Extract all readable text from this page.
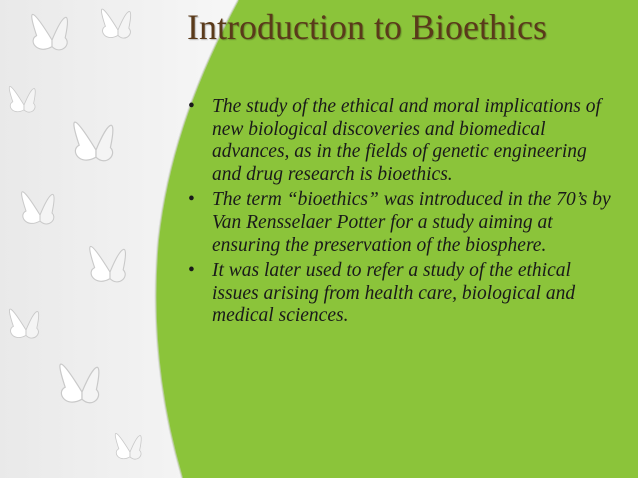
Introduction to Bioethics
• The study of the ethical and moral implications of new biological discoveries and biomedical advances, as in the fields of genetic engineering and drug research is bioethics.
• The term “bioethics” was introduced in the 70’s by Van Rensselaer Potter for a study aiming at ensuring the preservation of the biosphere.
• It was later used to refer a study of the ethical issues arising from health care, biological and medical sciences.
